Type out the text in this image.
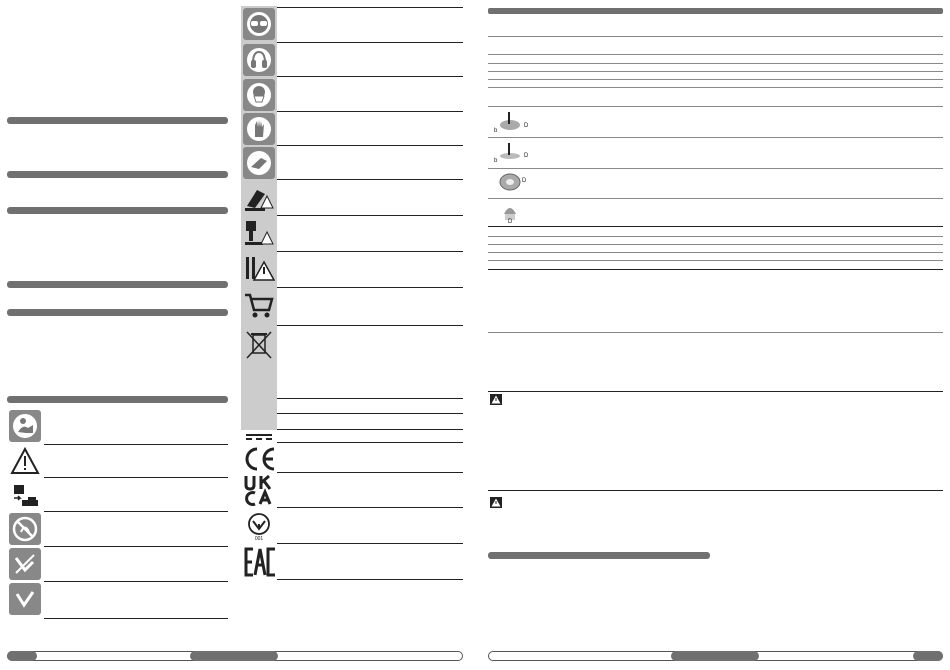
001
b
D
b
D
D
D
